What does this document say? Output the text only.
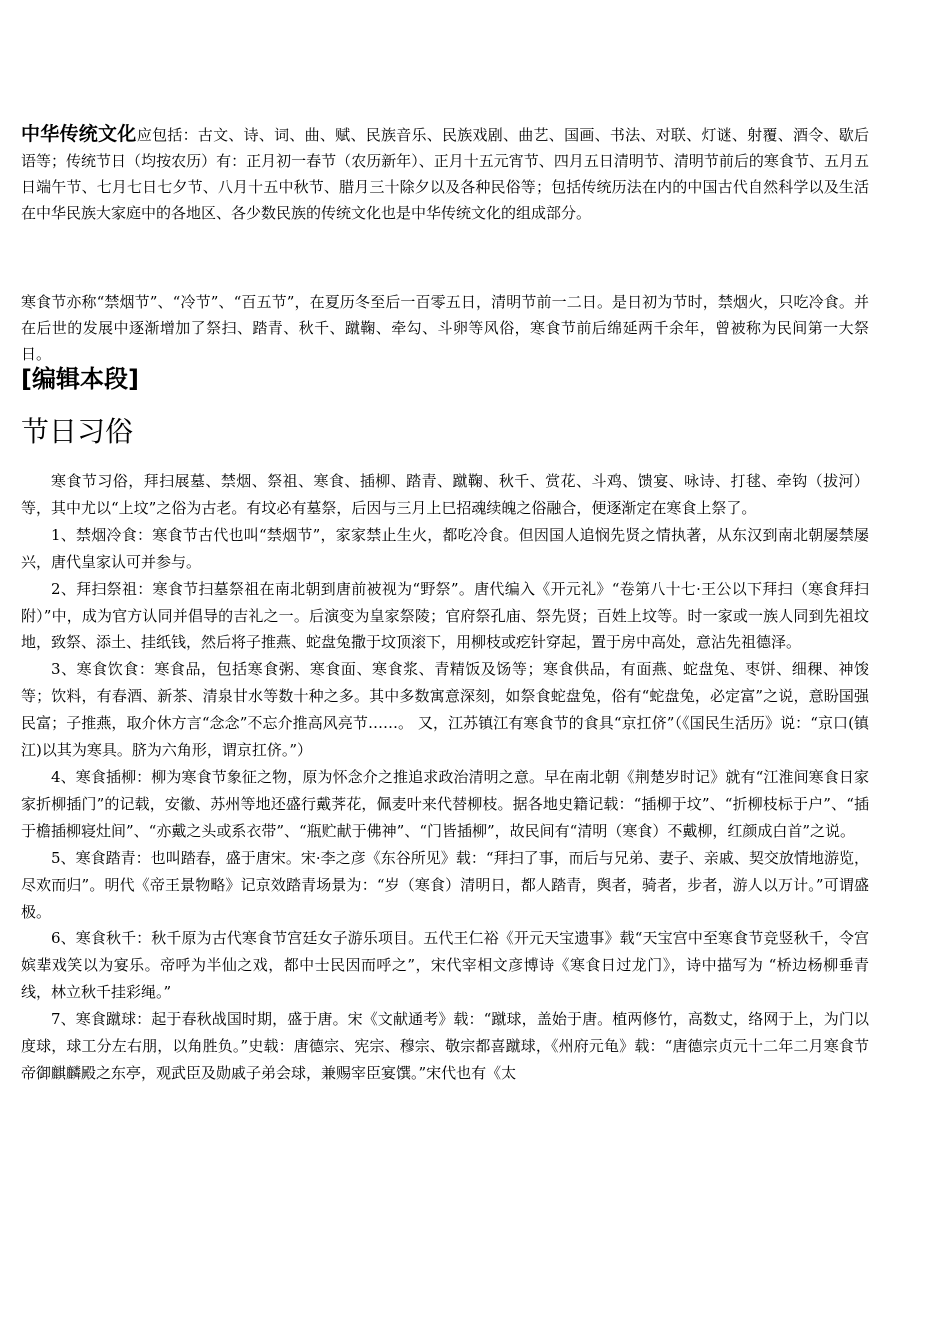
中华传统文化应包括：古文、诗、词、曲、赋、民族音乐、民族戏剧、曲艺、国画、书法、对联、灯谜、射覆、酒令、歇后语等；传统节日（均按农历）有：正月初一春节（农历新年）、正月十五元宵节、四月五日清明节、清明节前后的寒食节、五月五日端午节、七月七日七夕节、八月十五中秋节、腊月三十除夕以及各种民俗等；包括传统历法在内的中国古代自然科学以及生活在中华民族大家庭中的各地区、各少数民族的传统文化也是中华传统文化的组成部分。
寒食节亦称“禁烟节”、“冷节”、“百五节”，在夏历冬至后一百零五日，清明节前一二日。是日初为节时，禁烟火，只吃冷食。并在后世的发展中逐渐增加了祭扫、踏青、秋千、蹴鞠、牵勾、斗卵等风俗，寒食节前后绵延两千余年，曾被称为民间第一大祭日。
[编辑本段]
节日习俗

寒食节习俗，拜扫展墓、禁烟、祭祖、寒食、插柳、踏青、蹴鞠、秋千、赏花、斗鸡、馈宴、咏诗、打毬、牵钩（拔河）等，其中尤以“上坟”之俗为古老。有坟必有墓祭，后因与三月上巳招魂续魄之俗融合，便逐渐定在寒食上祭了。

1、禁烟冷食：寒食节古代也叫“禁烟节”，家家禁止生火，都吃冷食。但因国人追悯先贤之情执著，从东汉到南北朝屡禁屡兴，唐代皇家认可并参与。

2、拜扫祭祖：寒食节扫墓祭祖在南北朝到唐前被视为“野祭”。唐代编入《开元礼》“卷第八十七·王公以下拜扫（寒食拜扫附）”中，成为官方认同并倡导的吉礼之一。后演变为皇家祭陵；官府祭孔庙、祭先贤；百姓上坟等。时一家或一族人同到先祖坟地，致祭、添土、挂纸钱，然后将子推燕、蛇盘兔撒于坟顶滚下，用柳枝或疙针穿起，置于房中高处，意沾先祖德泽。

3、寒食饮食：寒食品，包括寒食粥、寒食面、寒食浆、青精饭及饧等；寒食供品，有面燕、蛇盘兔、枣饼、细稞、神馂等；饮料，有春酒、新茶、清泉甘水等数十种之多。其中多数寓意深刻，如祭食蛇盘兔，俗有“蛇盘兔，必定富”之说，意盼国强民富；子推燕，取介休方言“念念”不忘介推高风亮节……。 又，江苏镇江有寒食节的食具“京扛侪”（《国民生活历》说：“京口(镇江)以其为寒具。脐为六角形，谓京扛侪。”）

4、寒食插柳：柳为寒食节象征之物，原为怀念介之推追求政治清明之意。早在南北朝《荆楚岁时记》就有“江淮间寒食日家家折柳插门”的记载，安徽、苏州等地还盛行戴荠花，佩麦叶来代替柳枝。据各地史籍记载：“插柳于坟”、“折柳枝标于户”、“插于檐插柳寝灶间”、“亦戴之头或系衣带”、“瓶贮献于佛神”、“门皆插柳”，故民间有“清明（寒食）不戴柳，红颜成白首”之说。

5、寒食踏青：也叫踏春，盛于唐宋。宋·李之彦《东谷所见》载：“拜扫了事，而后与兄弟、妻子、亲戚、契交放情地游览，尽欢而归”。明代《帝王景物略》记京效踏青场景为：“岁（寒食）清明日，都人踏青，舆者，骑者，步者，游人以万计。”可谓盛极。

6、寒食秋千：秋千原为古代寒食节宫廷女子游乐项目。五代王仁裕《开元天宝遗事》载“天宝宫中至寒食节竞竖秋千，令宫嫔辈戏笑以为宴乐。帝呼为半仙之戏，都中士民因而呼之”，宋代宰相文彦博诗《寒食日过龙门》，诗中描写为 “桥边杨柳垂青线，林立秋千挂彩绳。”

7、寒食蹴球：起于春秋战国时期，盛于唐。宋《文献通考》载：“蹴球，盖始于唐。植两修竹，高数丈，络网于上，为门以度球，球工分左右朋，以角胜负。”史载：唐德宗、宪宗、穆宗、敬宗都喜蹴球，《州府元龟》载：“唐德宗贞元十二年二月寒食节帝御麒麟殿之东亭，观武臣及勋戚子弟会球，兼赐宰臣宴馔。”宋代也有《太
